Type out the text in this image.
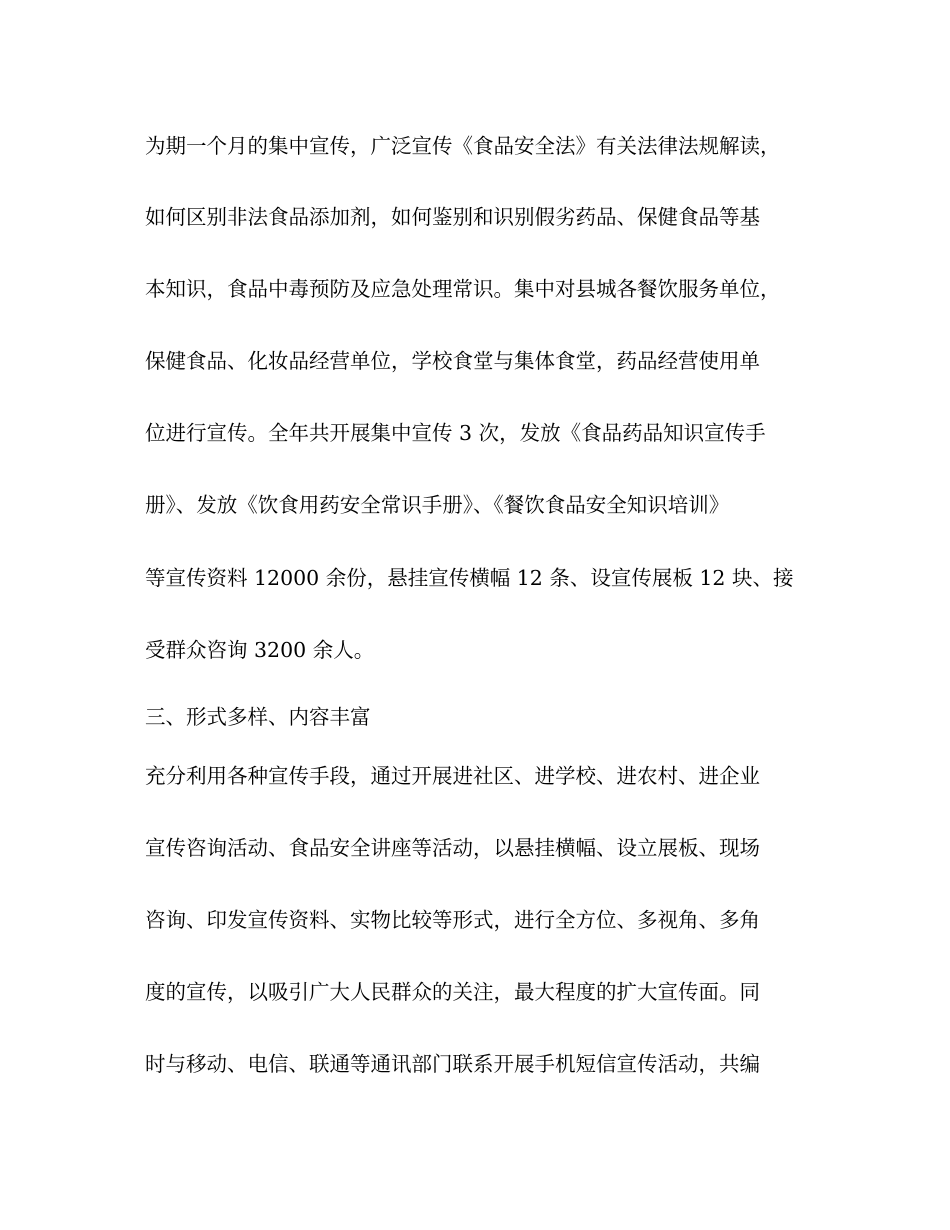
为期一个月的集中宣传，广泛宣传《食品安全法》有关法律法规解读，
如何区别非法食品添加剂，如何鉴别和识别假劣药品、保健食品等基
本知识，食品中毒预防及应急处理常识。集中对县城各餐饮服务单位，
保健食品、化妆品经营单位，学校食堂与集体食堂，药品经营使用单
位进行宣传。全年共开展集中宣传 3 次，发放《食品药品知识宣传手
册》、发放《饮食用药安全常识手册》、《餐饮食品安全知识培训》
等宣传资料 12000 余份，悬挂宣传横幅 12 条、设宣传展板 12 块、接
受群众咨询 3200 余人。
三、形式多样、内容丰富
充分利用各种宣传手段，通过开展进社区、进学校、进农村、进企业
宣传咨询活动、食品安全讲座等活动，以悬挂横幅、设立展板、现场
咨询、印发宣传资料、实物比较等形式，进行全方位、多视角、多角
度的宣传，以吸引广大人民群众的关注，最大程度的扩大宣传面。同
时与移动、电信、联通等通讯部门联系开展手机短信宣传活动，共编
